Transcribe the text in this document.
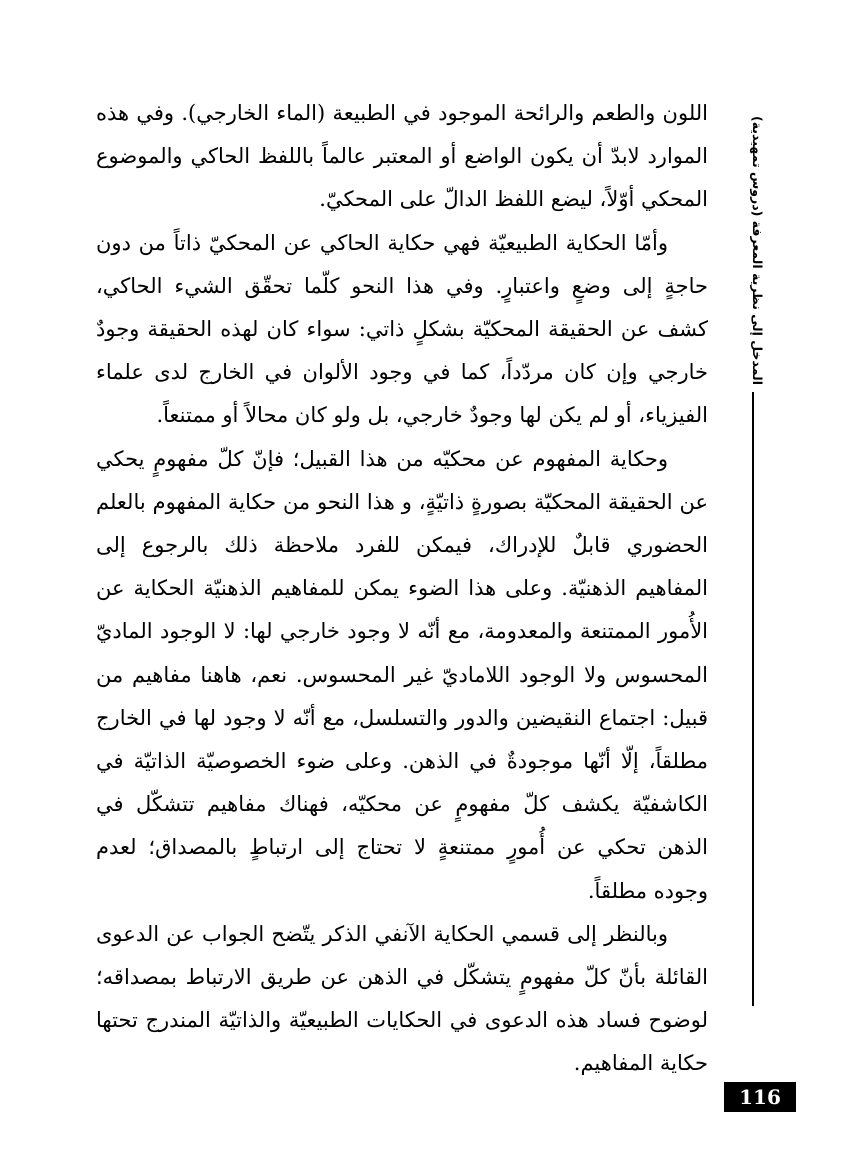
اللون والطعم والرائحة الموجود في الطبيعة (الماء الخارجي). وفي هذه الموارد لابدّ أن يكون الواضع أو المعتبر عالماً باللفظ الحاكي والموضوع المحكي أوّلاً، ليضع اللفظ الدالّ على المحكيّ.

وأمّا الحكاية الطبيعيّة فهي حكاية الحاكي عن المحكيّ ذاتاً من دون حاجةٍ إلى وضعٍ واعتبارٍ. وفي هذا النحو كلّما تحقّق الشيء الحاكي، كشف عن الحقيقة المحكيّة بشكلٍ ذاتي: سواء كان لهذه الحقيقة وجودٌ خارجي وإن كان مردّداً، كما في وجود الألوان في الخارج لدى علماء الفيزياء، أو لم يكن لها وجودٌ خارجي، بل ولو كان محالاً أو ممتنعاً.

وحكاية المفهوم عن محكيّه من هذا القبيل؛ فإنّ كلّ مفهومٍ يحكي عن الحقيقة المحكيّة بصورةٍ ذاتيّةٍ، و هذا النحو من حكاية المفهوم بالعلم الحضوري قابلٌ للإدراك، فيمكن للفرد ملاحظة ذلك بالرجوع إلى المفاهيم الذهنيّة. وعلى هذا الضوء يمكن للمفاهيم الذهنيّة الحكاية عن الأُمور الممتنعة والمعدومة، مع أنّه لا وجود خارجي لها: لا الوجود الماديّ المحسوس ولا الوجود اللاماديّ غير المحسوس. نعم، هاهنا مفاهيم من قبيل: اجتماع النقيضين والدور والتسلسل، مع أنّه لا وجود لها في الخارج مطلقاً، إلّا أنّها موجودةٌ في الذهن. وعلى ضوء الخصوصيّة الذاتيّة في الكاشفيّة يكشف كلّ مفهومٍ عن محكيّه، فهناك مفاهيم تتشكّل في الذهن تحكي عن أُمورٍ ممتنعةٍ لا تحتاج إلى ارتباطٍ بالمصداق؛ لعدم وجوده مطلقاً.

وبالنظر إلى قسمي الحكاية الآنفي الذكر يتّضح الجواب عن الدعوى القائلة بأنّ كلّ مفهومٍ يتشكّل في الذهن عن طريق الارتباط بمصداقه؛ لوضوح فساد هذه الدعوى في الحكايات الطبيعيّة والذاتيّة المندرج تحتها حكاية المفاهيم.

المدخل إلى نظرية المعرفة (دروس تمهيدية)
116
